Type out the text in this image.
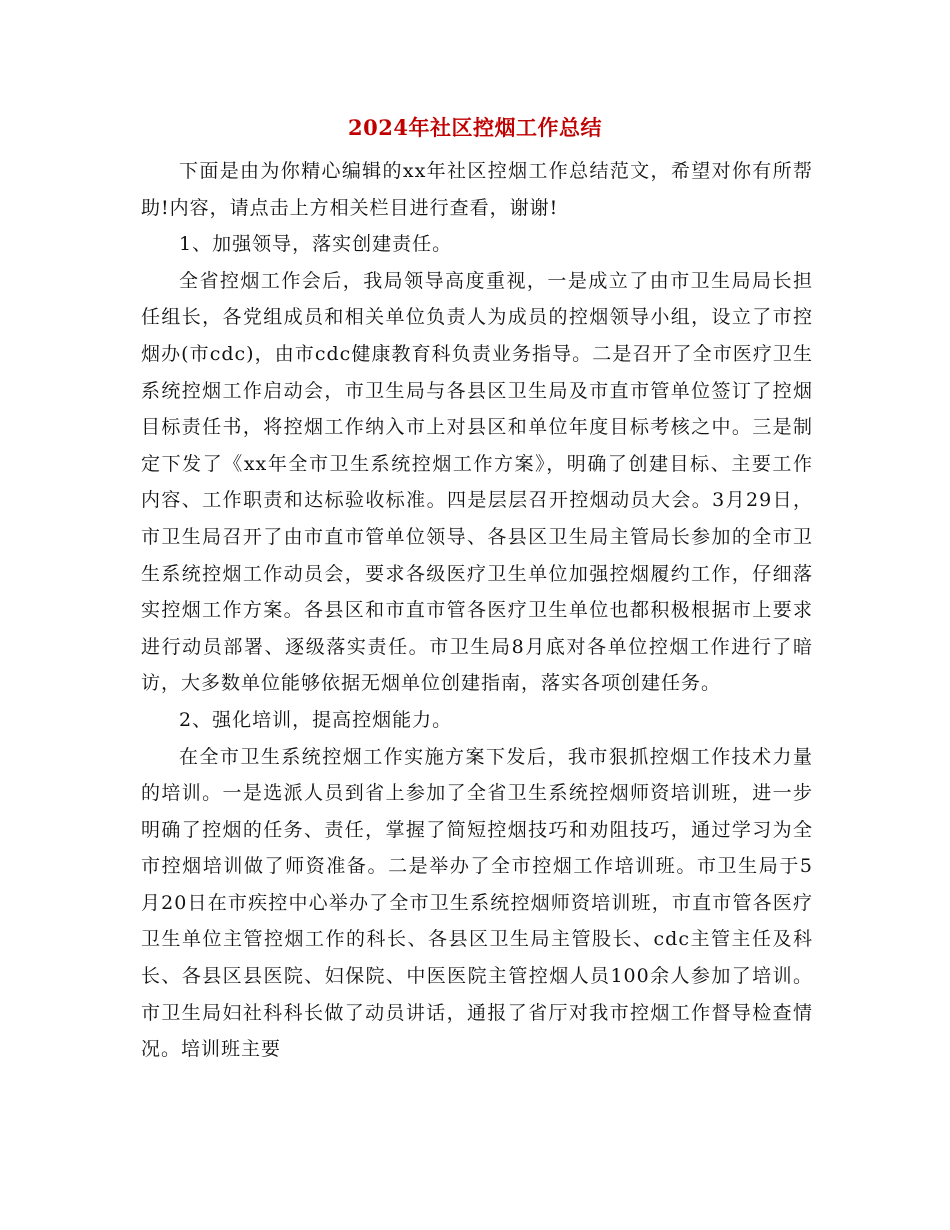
2024年社区控烟工作总结

下面是由为你精心编辑的xx年社区控烟工作总结范文，希望对你有所帮助!内容，请点击上方相关栏目进行查看，谢谢!

1、加强领导，落实创建责任。

全省控烟工作会后，我局领导高度重视，一是成立了由市卫生局局长担任组长，各党组成员和相关单位负责人为成员的控烟领导小组，设立了市控烟办(市cdc)，由市cdc健康教育科负责业务指导。二是召开了全市医疗卫生系统控烟工作启动会，市卫生局与各县区卫生局及市直市管单位签订了控烟目标责任书，将控烟工作纳入市上对县区和单位年度目标考核之中。三是制定下发了《xx年全市卫生系统控烟工作方案》，明确了创建目标、主要工作内容、工作职责和达标验收标准。四是层层召开控烟动员大会。3月29日，市卫生局召开了由市直市管单位领导、各县区卫生局主管局长参加的全市卫生系统控烟工作动员会，要求各级医疗卫生单位加强控烟履约工作，仔细落实控烟工作方案。各县区和市直市管各医疗卫生单位也都积极根据市上要求进行动员部署、逐级落实责任。市卫生局8月底对各单位控烟工作进行了暗访，大多数单位能够依据无烟单位创建指南，落实各项创建任务。

2、强化培训，提高控烟能力。

在全市卫生系统控烟工作实施方案下发后，我市狠抓控烟工作技术力量的培训。一是选派人员到省上参加了全省卫生系统控烟师资培训班，进一步明确了控烟的任务、责任，掌握了简短控烟技巧和劝阻技巧，通过学习为全市控烟培训做了师资准备。二是举办了全市控烟工作培训班。市卫生局于5月20日在市疾控中心举办了全市卫生系统控烟师资培训班，市直市管各医疗卫生单位主管控烟工作的科长、各县区卫生局主管股长、cdc主管主任及科长、各县区县医院、妇保院、中医医院主管控烟人员100余人参加了培训。市卫生局妇社科科长做了动员讲话，通报了省厅对我市控烟工作督导检查情况。培训班主要
